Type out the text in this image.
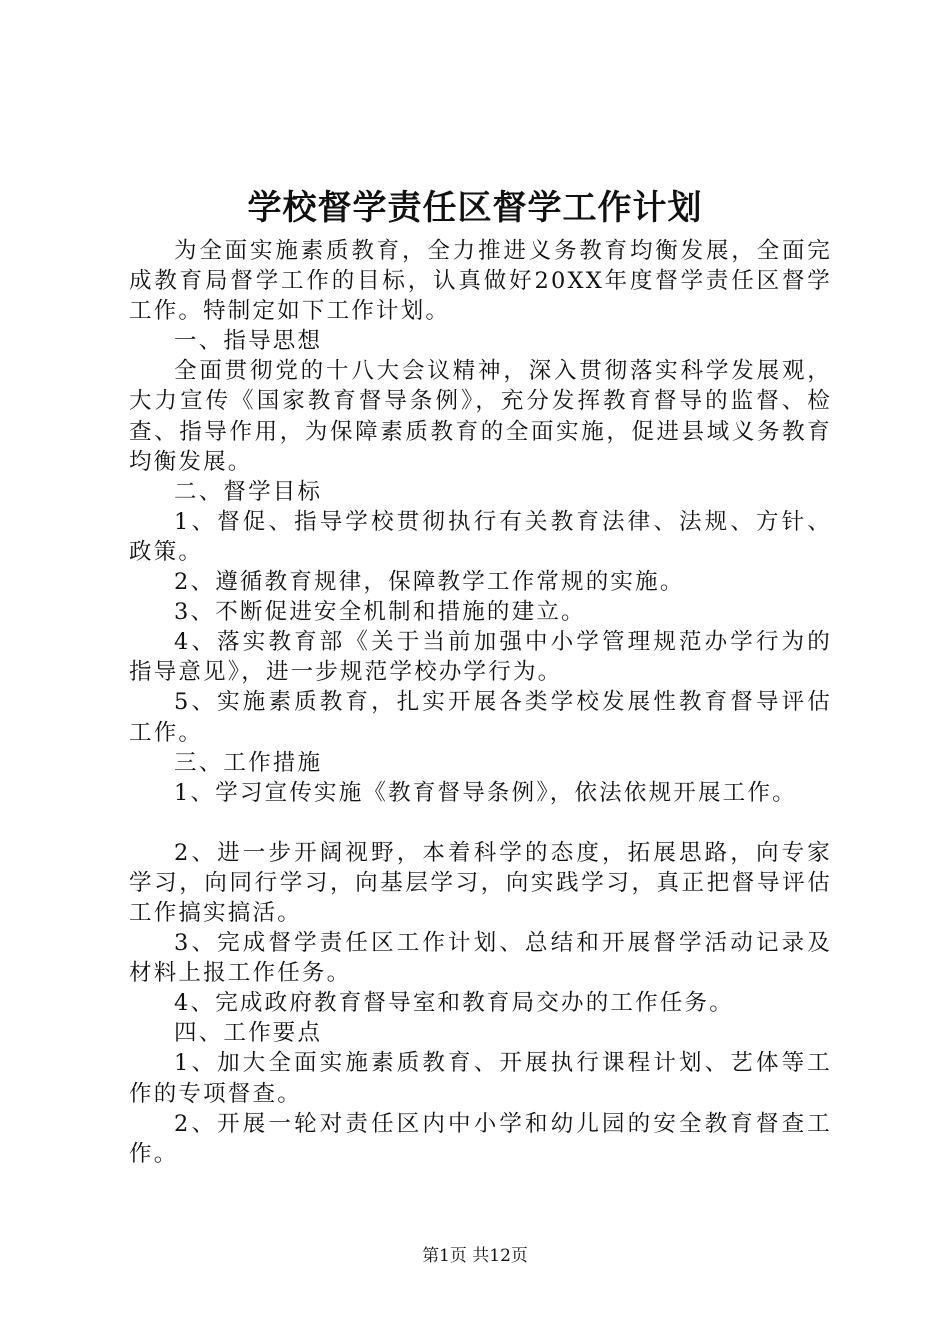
学校督学责任区督学工作计划

为全面实施素质教育，全力推进义务教育均衡发展，全面完成教育局督学工作的目标，认真做好20XX年度督学责任区督学工作。特制定如下工作计划。

一、指导思想

全面贯彻党的十八大会议精神，深入贯彻落实科学发展观，大力宣传《国家教育督导条例》，充分发挥教育督导的监督、检查、指导作用，为保障素质教育的全面实施，促进县域义务教育均衡发展。

二、督学目标

1、督促、指导学校贯彻执行有关教育法律、法规、方针、政策。

2、遵循教育规律，保障教学工作常规的实施。

3、不断促进安全机制和措施的建立。

4、落实教育部《关于当前加强中小学管理规范办学行为的指导意见》，进一步规范学校办学行为。

5、实施素质教育，扎实开展各类学校发展性教育督导评估工作。

三、工作措施

1、学习宣传实施《教育督导条例》，依法依规开展工作。

2、进一步开阔视野，本着科学的态度，拓展思路，向专家学习，向同行学习，向基层学习，向实践学习，真正把督导评估工作搞实搞活。

3、完成督学责任区工作计划、总结和开展督学活动记录及材料上报工作任务。

4、完成政府教育督导室和教育局交办的工作任务。

四、工作要点

1、加大全面实施素质教育、开展执行课程计划、艺体等工作的专项督查。

2、开展一轮对责任区内中小学和幼儿园的安全教育督查工作。

第1页 共12页
